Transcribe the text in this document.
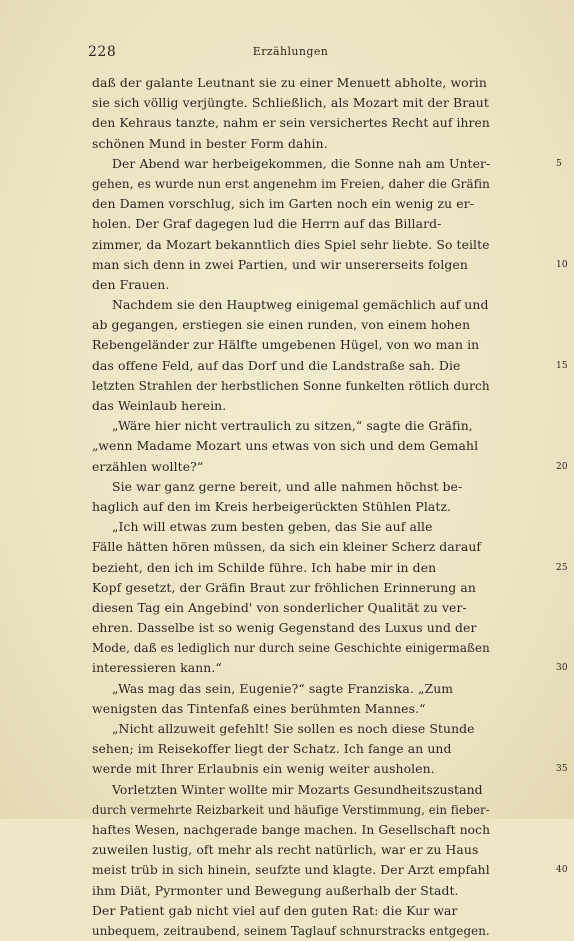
228	Erzählungen
daß der galante Leutnant sie zu einer Menuett abholte, worin
sie sich völlig verjüngte. Schließlich, als Mozart mit der Braut
den Kehraus tanzte, nahm er sein versichertes Recht auf ihren
schönen Mund in bester Form dahin.
Der Abend war herbeigekommen, die Sonne nah am Unter-	5
gehen, es wurde nun erst angenehm im Freien, daher die Gräfin
den Damen vorschlug, sich im Garten noch ein wenig zu er-
holen. Der Graf dagegen lud die Herrn auf das Billard-
zimmer, da Mozart bekanntlich dies Spiel sehr liebte. So teilte
man sich denn in zwei Partien, und wir unsererseits folgen	10
den Frauen.
Nachdem sie den Hauptweg einigemal gemächlich auf und
ab gegangen, erstiegen sie einen runden, von einem hohen
Rebengeländer zur Hälfte umgebenen Hügel, von wo man in
das offene Feld, auf das Dorf und die Landstraße sah. Die	15
letzten Strahlen der herbstlichen Sonne funkelten rötlich durch
das Weinlaub herein.
„Wäre hier nicht vertraulich zu sitzen,“ sagte die Gräfin,
„wenn Madame Mozart uns etwas von sich und dem Gemahl
erzählen wollte?“	20
Sie war ganz gerne bereit, und alle nahmen höchst be-
haglich auf den im Kreis herbeigerückten Stühlen Platz.
„Ich will etwas zum besten geben, das Sie auf alle
Fälle hätten hören müssen, da sich ein kleiner Scherz darauf
bezieht, den ich im Schilde führe. Ich habe mir in den	25
Kopf gesetzt, der Gräfin Braut zur fröhlichen Erinnerung an
diesen Tag ein Angebind' von sonderlicher Qualität zu ver-
ehren. Dasselbe ist so wenig Gegenstand des Luxus und der
Mode, daß es lediglich nur durch seine Geschichte einigermaßen
interessieren kann.“	30
„Was mag das sein, Eugenie?“ sagte Franziska. „Zum
wenigsten das Tintenfaß eines berühmten Mannes.“
„Nicht allzuweit gefehlt! Sie sollen es noch diese Stunde
sehen; im Reisekoffer liegt der Schatz. Ich fange an und
werde mit Ihrer Erlaubnis ein wenig weiter ausholen.	35
Vorletzten Winter wollte mir Mozarts Gesundheitszustand
durch vermehrte Reizbarkeit und häufige Verstimmung, ein fieber-
haftes Wesen, nachgerade bange machen. In Gesellschaft noch
zuweilen lustig, oft mehr als recht natürlich, war er zu Haus
meist trüb in sich hinein, seufzte und klagte. Der Arzt empfahl	40
ihm Diät, Pyrmonter und Bewegung außerhalb der Stadt.
Der Patient gab nicht viel auf den guten Rat: die Kur war
unbequem, zeitraubend, seinem Taglauf schnurstracks entgegen.
